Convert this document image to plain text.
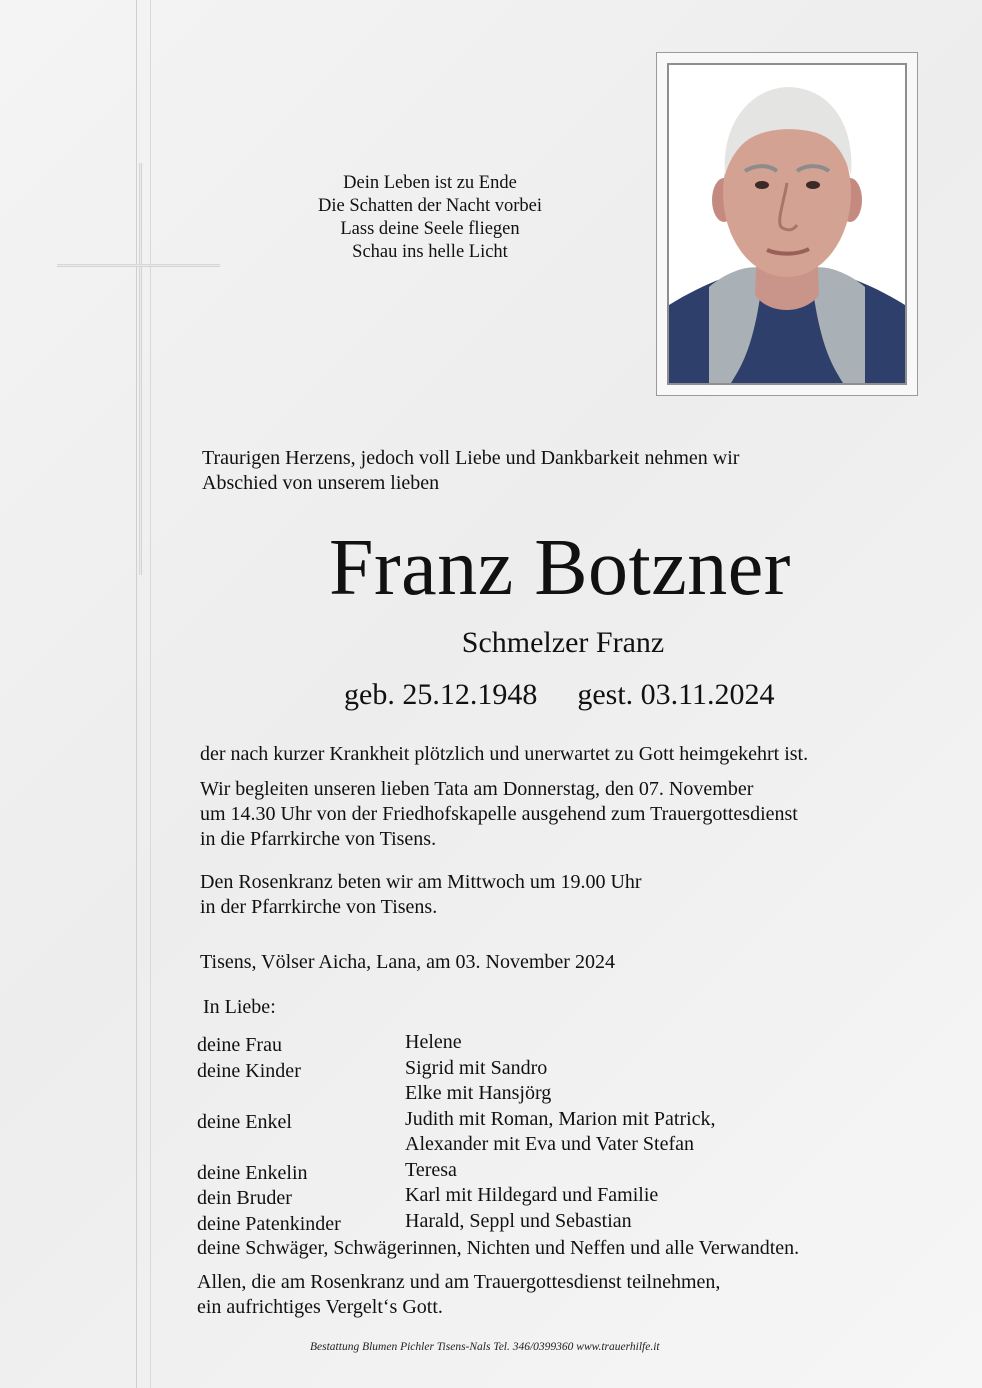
Dein Leben ist zu Ende
Die Schatten der Nacht vorbei
Lass deine Seele fliegen
Schau ins helle Licht
Traurigen Herzens, jedoch voll Liebe und Dankbarkeit nehmen wir
Abschied von unserem lieben
Franz Botzner
Schmelzer Franz
geb. 25.12.1948 gest. 03.11.2024
der nach kurzer Krankheit plötzlich und unerwartet zu Gott heimgekehrt ist.
Wir begleiten unseren lieben Tata am Donnerstag, den 07. November
um 14.30 Uhr von der Friedhofskapelle ausgehend zum Trauergottesdienst
in die Pfarrkirche von Tisens.
Den Rosenkranz beten wir am Mittwoch um 19.00 Uhr
in der Pfarrkirche von Tisens.
Tisens, Völser Aicha, Lana, am 03. November 2024
In Liebe:
deine Frau	Helene
deine Kinder	Sigrid mit Sandro
Elke mit Hansjörg
deine Enkel	Judith mit Roman, Marion mit Patrick,
Alexander mit Eva und Vater Stefan
deine Enkelin	Teresa
dein Bruder	Karl mit Hildegard und Familie
deine Patenkinder	Harald, Seppl und Sebastian
deine Schwäger, Schwägerinnen, Nichten und Neffen und alle Verwandten.
Allen, die am Rosenkranz und am Trauergottesdienst teilnehmen,
ein aufrichtiges Vergelt‘s Gott.
Bestattung Blumen Pichler Tisens-Nals Tel. 346/0399360 www.trauerhilfe.it
